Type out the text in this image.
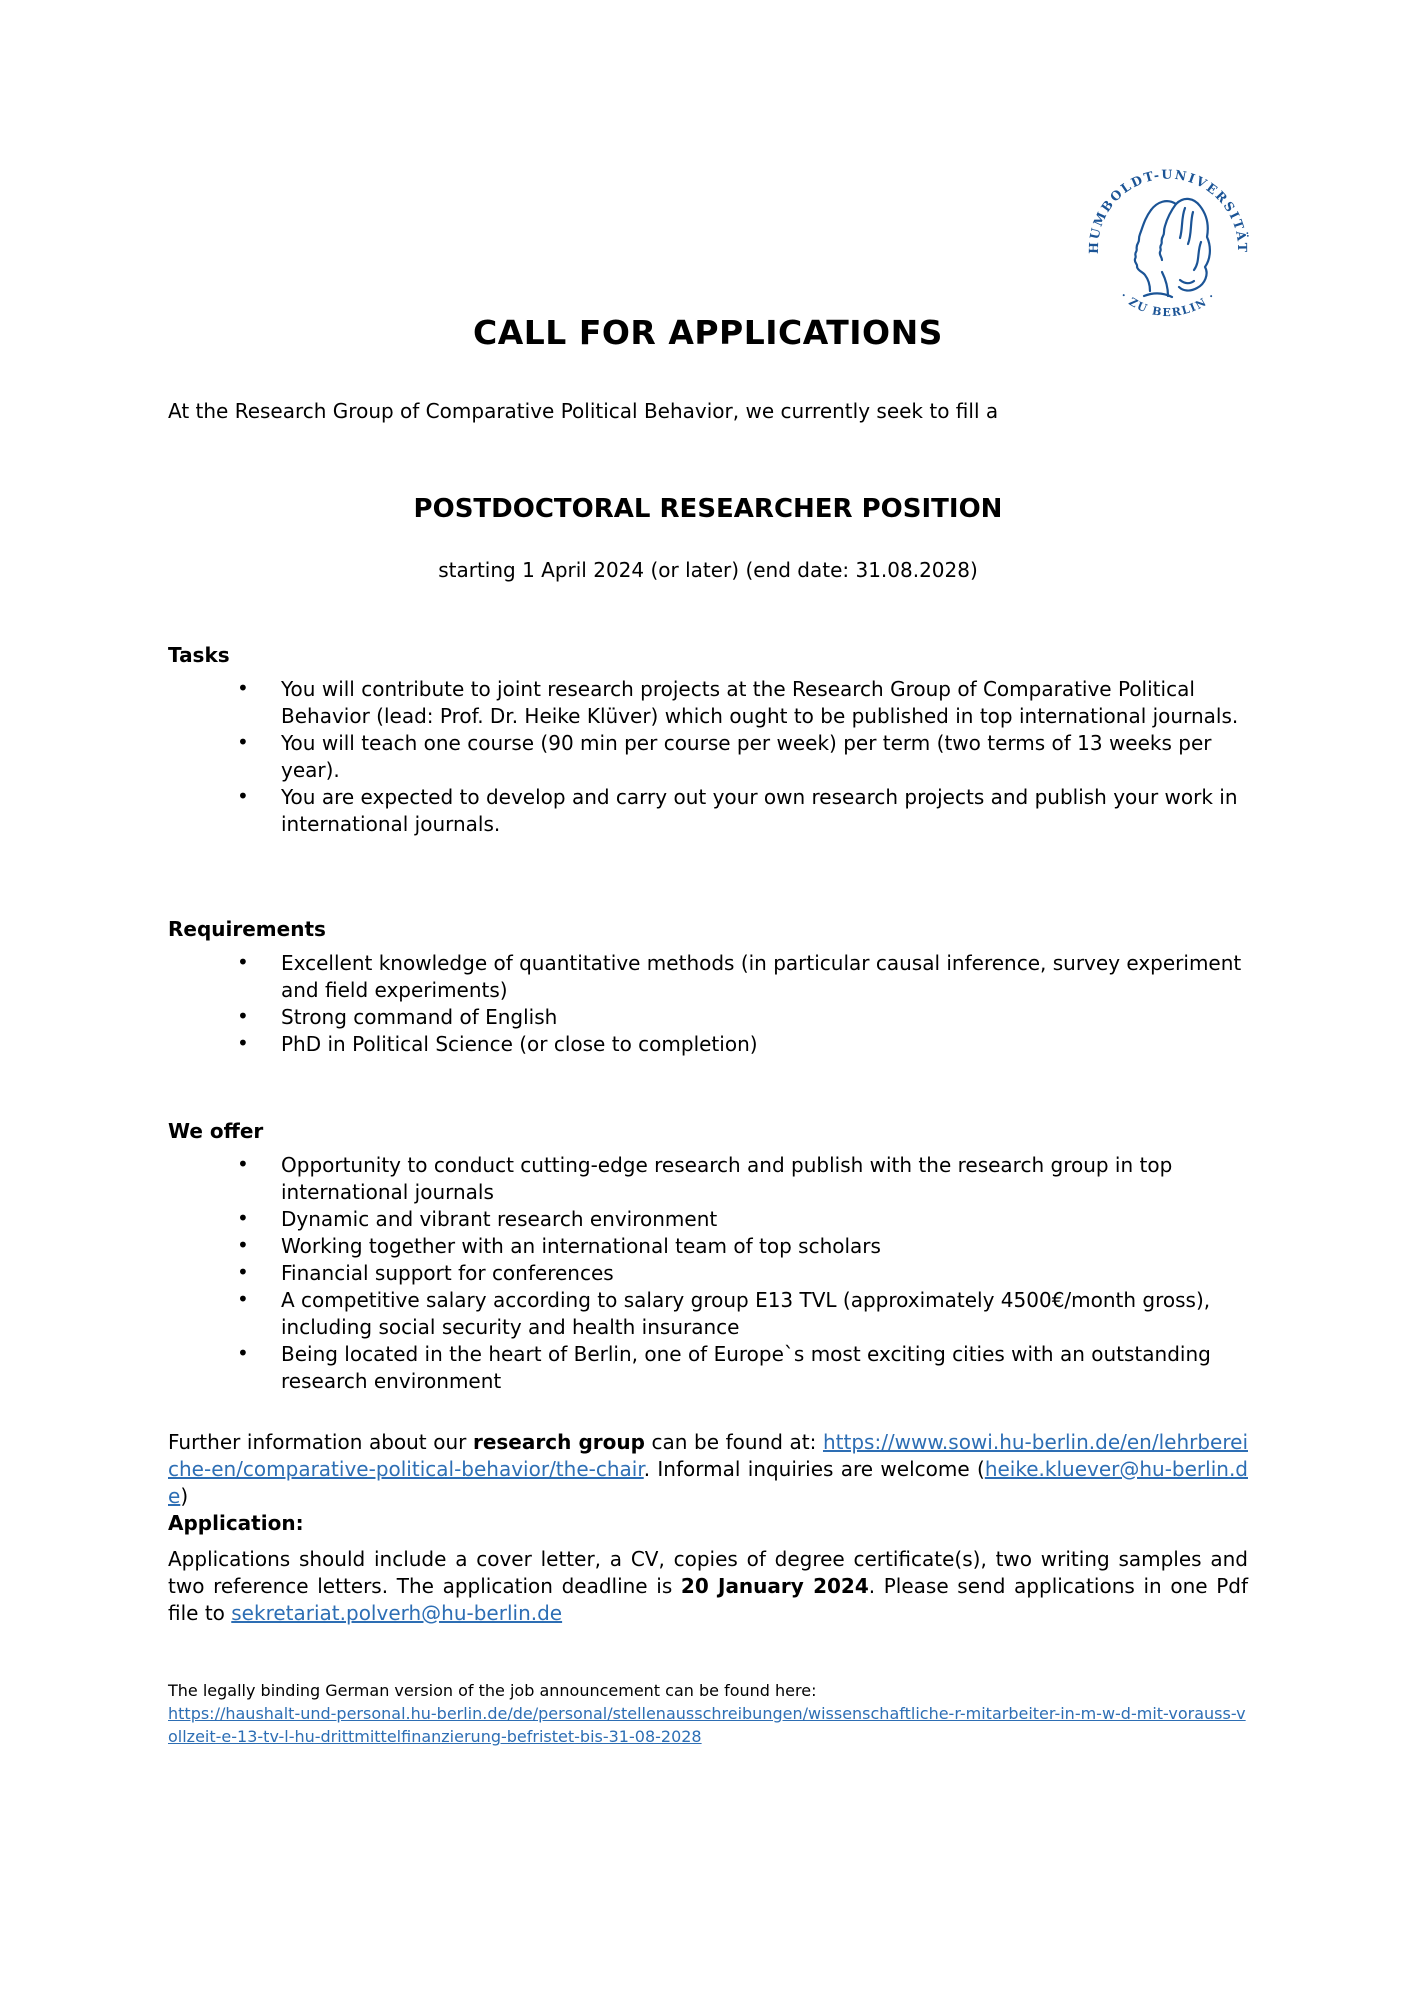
HUMBOLDT-UNIVERSITÄT
· ZU BERLIN ·
CALL FOR APPLICATIONS

At the Research Group of Comparative Political Behavior, we currently seek to fill a

POSTDOCTORAL RESEARCHER POSITION

starting 1 April 2024 (or later) (end date: 31.08.2028)

Tasks
• You will contribute to joint research projects at the Research Group of Comparative Political Behavior (lead: Prof. Dr. Heike Klüver) which ought to be published in top international journals.
• You will teach one course (90 min per course per week) per term (two terms of 13 weeks per year).
• You are expected to develop and carry out your own research projects and publish your work in international journals.
Requirements
• Excellent knowledge of quantitative methods (in particular causal inference, survey experiment and field experiments)
• Strong command of English
• PhD in Political Science (or close to completion)
We offer
• Opportunity to conduct cutting-edge research and publish with the research group in top international journals
• Dynamic and vibrant research environment
• Working together with an international team of top scholars
• Financial support for conferences
• A competitive salary according to salary group E13 TVL (approximately 4500€/month gross), including social security and health insurance
• Being located in the heart of Berlin, one of Europe`s most exciting cities with an outstanding research environment

Further information about our research group can be found at: https://www.sowi.hu-berlin.de/en/lehrbereiche-en/comparative-political-behavior/the-chair. Informal inquiries are welcome (heike.kluever@hu-berlin.de)

Application:

Applications should include a cover letter, a CV, copies of degree certificate(s), two writing samples and two reference letters. The application deadline is 20 January 2024. Please send applications in one Pdf file to sekretariat.polverh@hu-berlin.de

The legally binding German version of the job announcement can be found here:
https://haushalt-und-personal.hu-berlin.de/de/personal/stellenausschreibungen/wissenschaftliche-r-mitarbeiter-in-m-w-d-mit-vorauss-vollzeit-e-13-tv-l-hu-drittmittelfinanzierung-befristet-bis-31-08-2028
